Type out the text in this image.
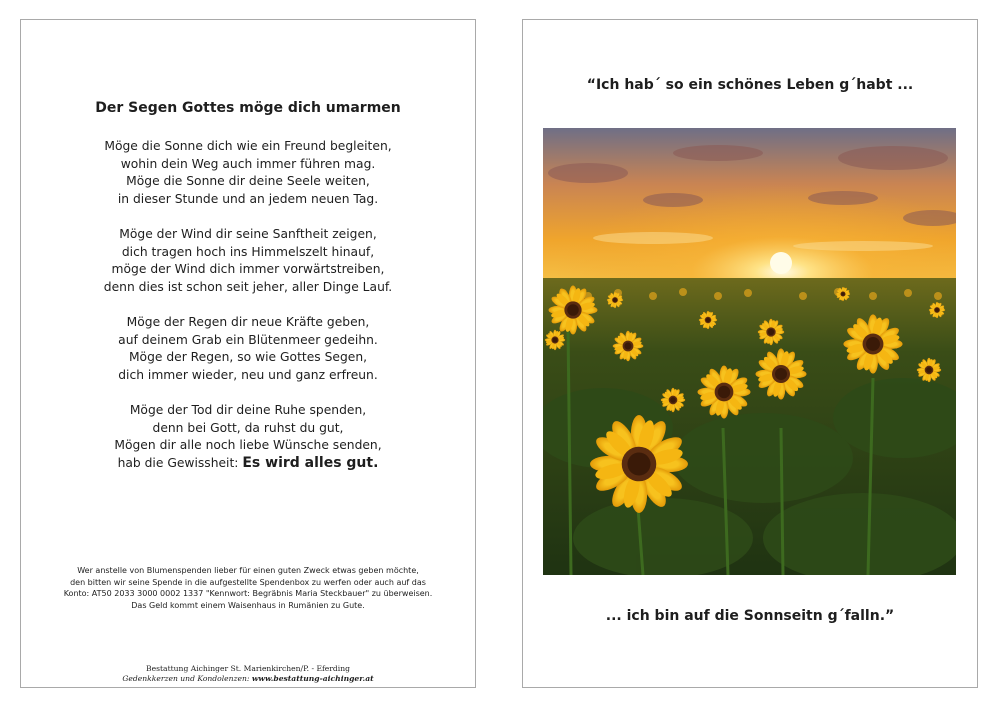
Der Segen Gottes möge dich umarmen
Möge die Sonne dich wie ein Freund begleiten,
wohin dein Weg auch immer führen mag.
Möge die Sonne dir deine Seele weiten,
in dieser Stunde und an jedem neuen Tag.
Möge der Wind dir seine Sanftheit zeigen,
dich tragen hoch ins Himmelszelt hinauf,
möge der Wind dich immer vorwärtstreiben,
denn dies ist schon seit jeher, aller Dinge Lauf.
Möge der Regen dir neue Kräfte geben,
auf deinem Grab ein Blütenmeer gedeihn.
Möge der Regen, so wie Gottes Segen,
dich immer wieder, neu und ganz erfreun.
Möge der Tod dir deine Ruhe spenden,
denn bei Gott, da ruhst du gut,
Mögen dir alle noch liebe Wünsche senden,
hab die Gewissheit: Es wird alles gut.
Wer anstelle von Blumenspenden lieber für einen guten Zweck etwas geben möchte,
den bitten wir seine Spende in die aufgestellte Spendenbox zu werfen oder auch auf das
Konto: AT50 2033 3000 0002 1337 "Kennwort: Begräbnis Maria Steckbauer" zu überweisen.
Das Geld kommt einem Waisenhaus in Rumänien zu Gute.
Bestattung Aichinger St. Marienkirchen/P. - Eferding
Gedenkkerzen und Kondolenzen: www.bestattung-aichinger.at
“Ich hab´ so ein schönes Leben g´habt ...
... ich bin auf die Sonnseitn g´falln.”
